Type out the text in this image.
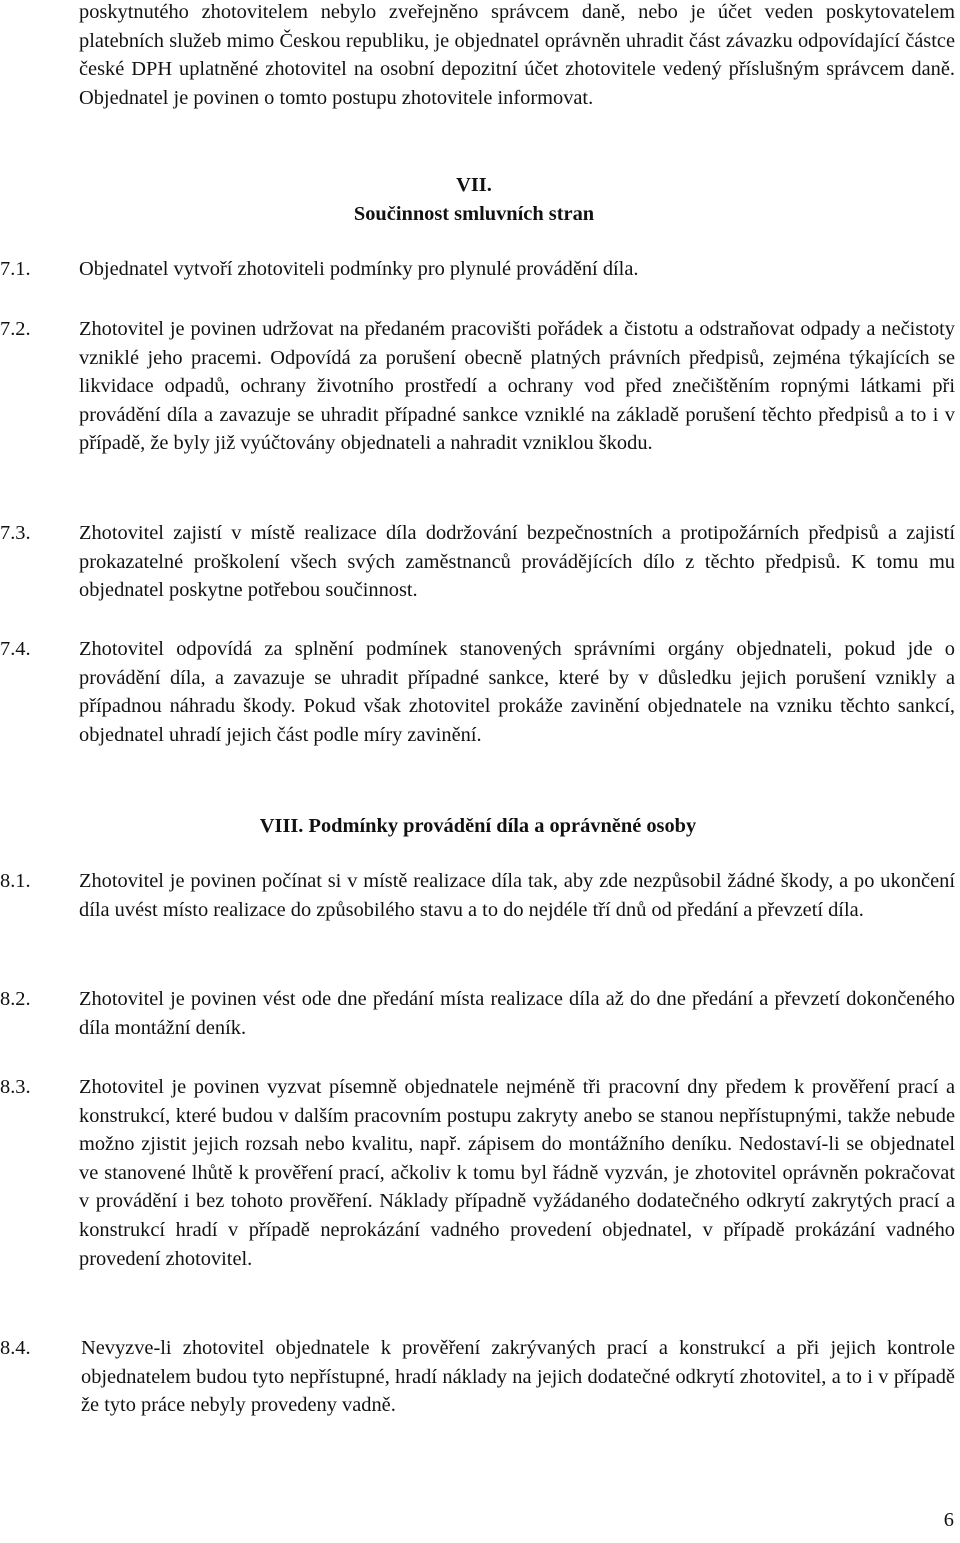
poskytnutého zhotovitelem nebylo zveřejněno správcem daně, nebo je účet veden poskytovatelem platebních služeb mimo Českou republiku, je objednatel oprávněn uhradit část závazku odpovídající částce české DPH uplatněné zhotovitel na osobní depozitní účet zhotovitele vedený příslušným správcem daně. Objednatel je povinen o tomto postupu zhotovitele informovat.
VII.
Součinnost smluvních stran
7.1. Objednatel vytvoří zhotoviteli podmínky pro plynulé provádění díla.
7.2. Zhotovitel je povinen udržovat na předaném pracovišti pořádek a čistotu a odstraňovat odpady a nečistoty vzniklé jeho pracemi. Odpovídá za porušení obecně platných právních předpisů, zejména týkajících se likvidace odpadů, ochrany životního prostředí a ochrany vod před znečištěním ropnými látkami při provádění díla a zavazuje se uhradit případné sankce vzniklé na základě porušení těchto předpisů a to i v případě, že byly již vyúčtovány objednateli a nahradit vzniklou škodu.
7.3. Zhotovitel zajistí v místě realizace díla dodržování bezpečnostních a protipožárních předpisů a zajistí prokazatelné proškolení všech svých zaměstnanců provádějících dílo z těchto předpisů. K tomu mu objednatel poskytne potřebou součinnost.
7.4. Zhotovitel odpovídá za splnění podmínek stanovených správními orgány objednateli, pokud jde o provádění díla, a zavazuje se uhradit případné sankce, které by v důsledku jejich porušení vznikly a případnou náhradu škody. Pokud však zhotovitel prokáže zavinění objednatele na vzniku těchto sankcí, objednatel uhradí jejich část podle míry zavinění.
VIII. Podmínky provádění díla a oprávněné osoby
8.1. Zhotovitel je povinen počínat si v místě realizace díla tak, aby zde nezpůsobil žádné škody, a po ukončení díla uvést místo realizace do způsobilého stavu a to do nejdéle tří dnů od předání a převzetí díla.
8.2. Zhotovitel je povinen vést ode dne předání místa realizace díla až do dne předání a převzetí dokončeného díla montážní deník.
8.3. Zhotovitel je povinen vyzvat písemně objednatele nejméně tři pracovní dny předem k prověření prací a konstrukcí, které budou v dalším pracovním postupu zakryty anebo se stanou nepřístupnými, takže nebude možno zjistit jejich rozsah nebo kvalitu, např. zápisem do montážního deníku. Nedostaví-li se objednatel ve stanovené lhůtě k prověření prací, ačkoliv k tomu byl řádně vyzván, je zhotovitel oprávněn pokračovat v provádění i bez tohoto prověření. Náklady případně vyžádaného dodatečného odkrytí zakrytých prací a konstrukcí hradí v případě neprokázání vadného provedení objednatel, v případě prokázání vadného provedení zhotovitel.
8.4. Nevyzve-li zhotovitel objednatele k prověření zakrývaných prací a konstrukcí a při jejich kontrole objednatelem budou tyto nepřístupné, hradí náklady na jejich dodatečné odkrytí zhotovitel, a to i v případě že tyto práce nebyly provedeny vadně.
6
